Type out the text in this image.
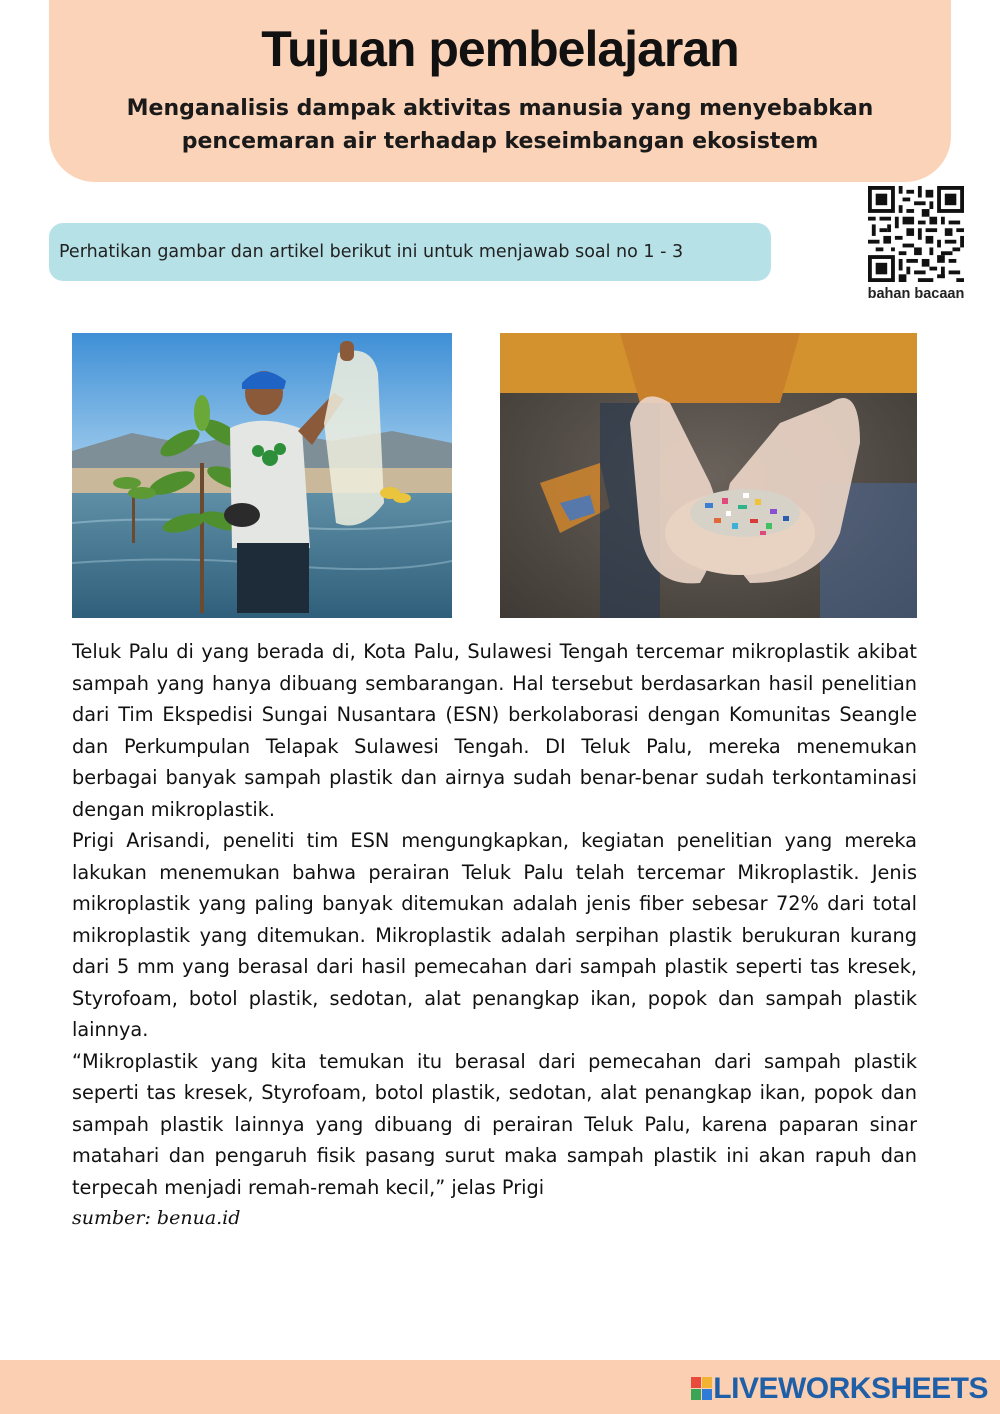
Tujuan pembelajaran
Menganalisis dampak aktivitas manusia yang menyebabkan
pencemaran air terhadap keseimbangan ekosistem
Perhatikan gambar dan artikel berikut ini untuk menjawab soal no 1 - 3
bahan bacaan

Teluk Palu di yang berada di, Kota Palu, Sulawesi Tengah tercemar mikroplastik akibat sampah yang hanya dibuang sembarangan. Hal tersebut berdasarkan hasil penelitian dari Tim Ekspedisi Sungai Nusantara (ESN) berkolaborasi dengan Komunitas Seangle dan Perkumpulan Telapak Sulawesi Tengah. DI Teluk Palu, mereka menemukan berbagai banyak sampah plastik dan airnya sudah benar-benar sudah terkontaminasi dengan mikroplastik.

Prigi Arisandi, peneliti tim ESN mengungkapkan, kegiatan penelitian yang mereka lakukan menemukan bahwa perairan Teluk Palu telah tercemar Mikroplastik. Jenis mikroplastik yang paling banyak ditemukan adalah jenis fiber sebesar 72% dari total mikroplastik yang ditemukan. Mikroplastik adalah serpihan plastik berukuran kurang dari 5 mm yang berasal dari hasil pemecahan dari sampah plastik seperti tas kresek, Styrofoam, botol plastik, sedotan, alat penangkap ikan, popok dan sampah plastik lainnya.

“Mikroplastik yang kita temukan itu berasal dari pemecahan dari sampah plastik seperti tas kresek, Styrofoam, botol plastik, sedotan, alat penangkap ikan, popok dan sampah plastik lainnya yang dibuang di perairan Teluk Palu, karena paparan sinar matahari dan pengaruh fisik pasang surut maka sampah plastik ini akan rapuh dan terpecah menjadi remah-remah kecil,” jelas Prigi

sumber: benua.id

LIVEWORKSHEETS
